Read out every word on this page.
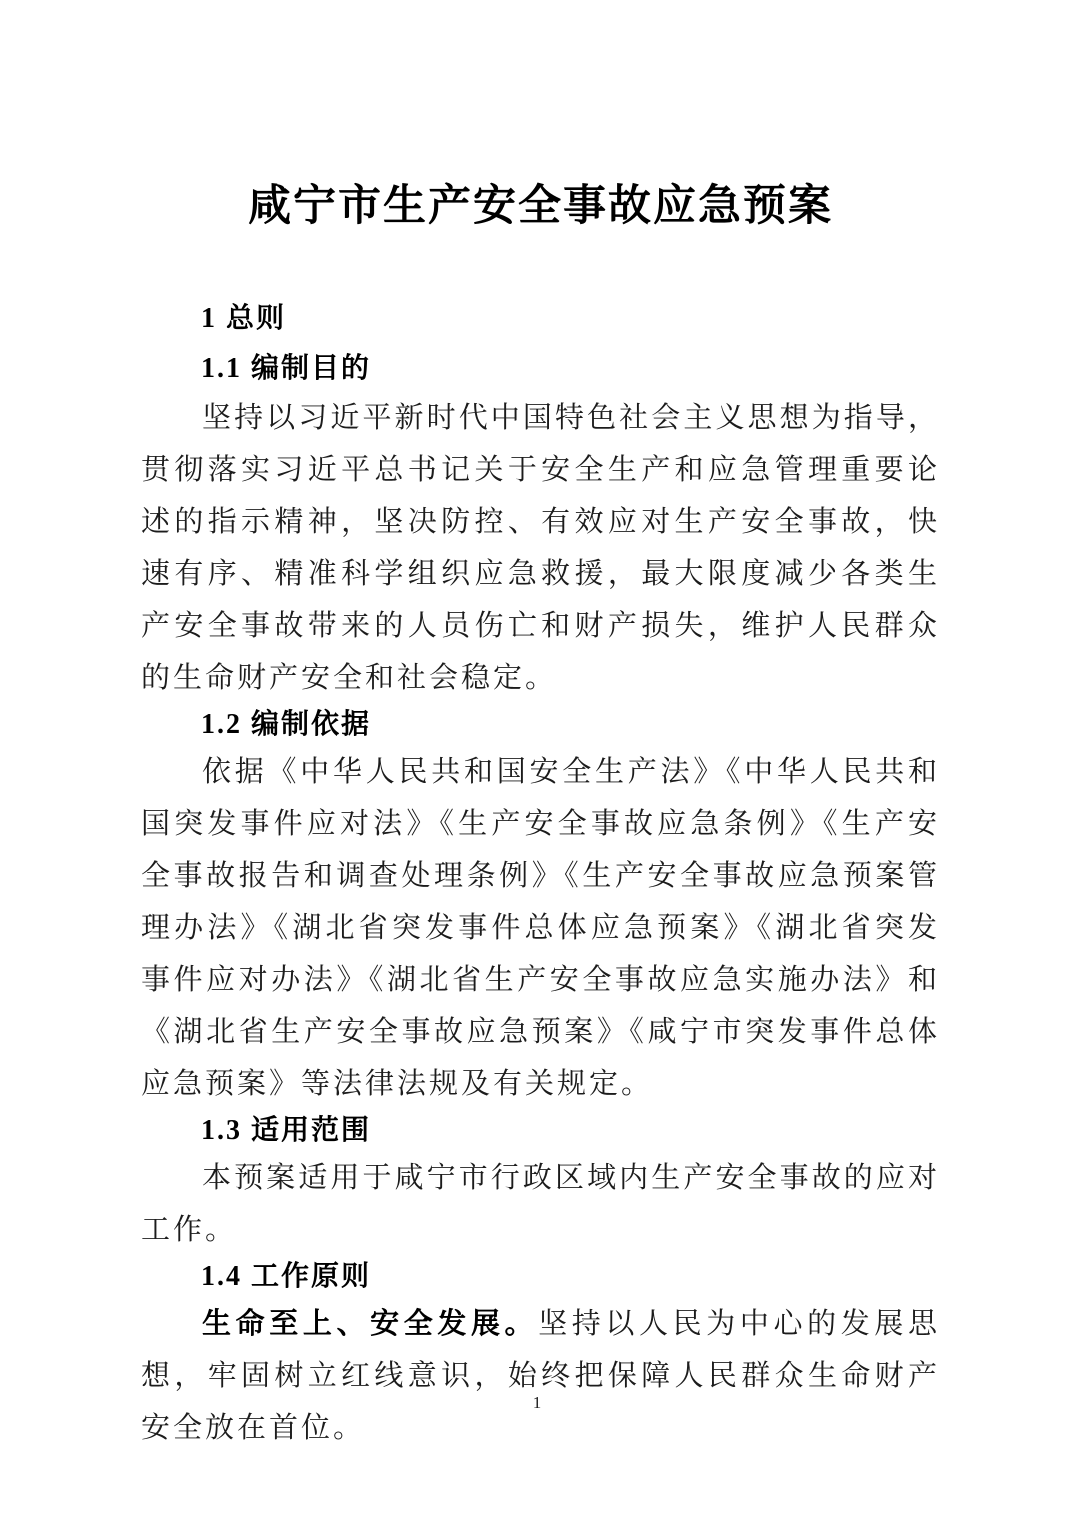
咸宁市生产安全事故应急预案
1 总则
1.1 编制目的

坚持以习近平新时代中国特色社会主义思想为指导，贯彻落实习近平总书记关于安全生产和应急管理重要论述的指示精神，坚决防控、有效应对生产安全事故，快速有序、精准科学组织应急救援，最大限度减少各类生产安全事故带来的人员伤亡和财产损失，维护人民群众的生命财产安全和社会稳定。

1.2 编制依据

依据《中华人民共和国安全生产法》《中华人民共和国突发事件应对法》《生产安全事故应急条例》《生产安全事故报告和调查处理条例》《生产安全事故应急预案管理办法》《湖北省突发事件总体应急预案》《湖北省突发事件应对办法》《湖北省生产安全事故应急实施办法》和《湖北省生产安全事故应急预案》《咸宁市突发事件总体应急预案》等法律法规及有关规定。

1.3 适用范围

本预案适用于咸宁市行政区域内生产安全事故的应对工作。

1.4 工作原则

生命至上、安全发展。坚持以人民为中心的发展思想，牢固树立红线意识，始终把保障人民群众生命财产安全放在首位。

1
